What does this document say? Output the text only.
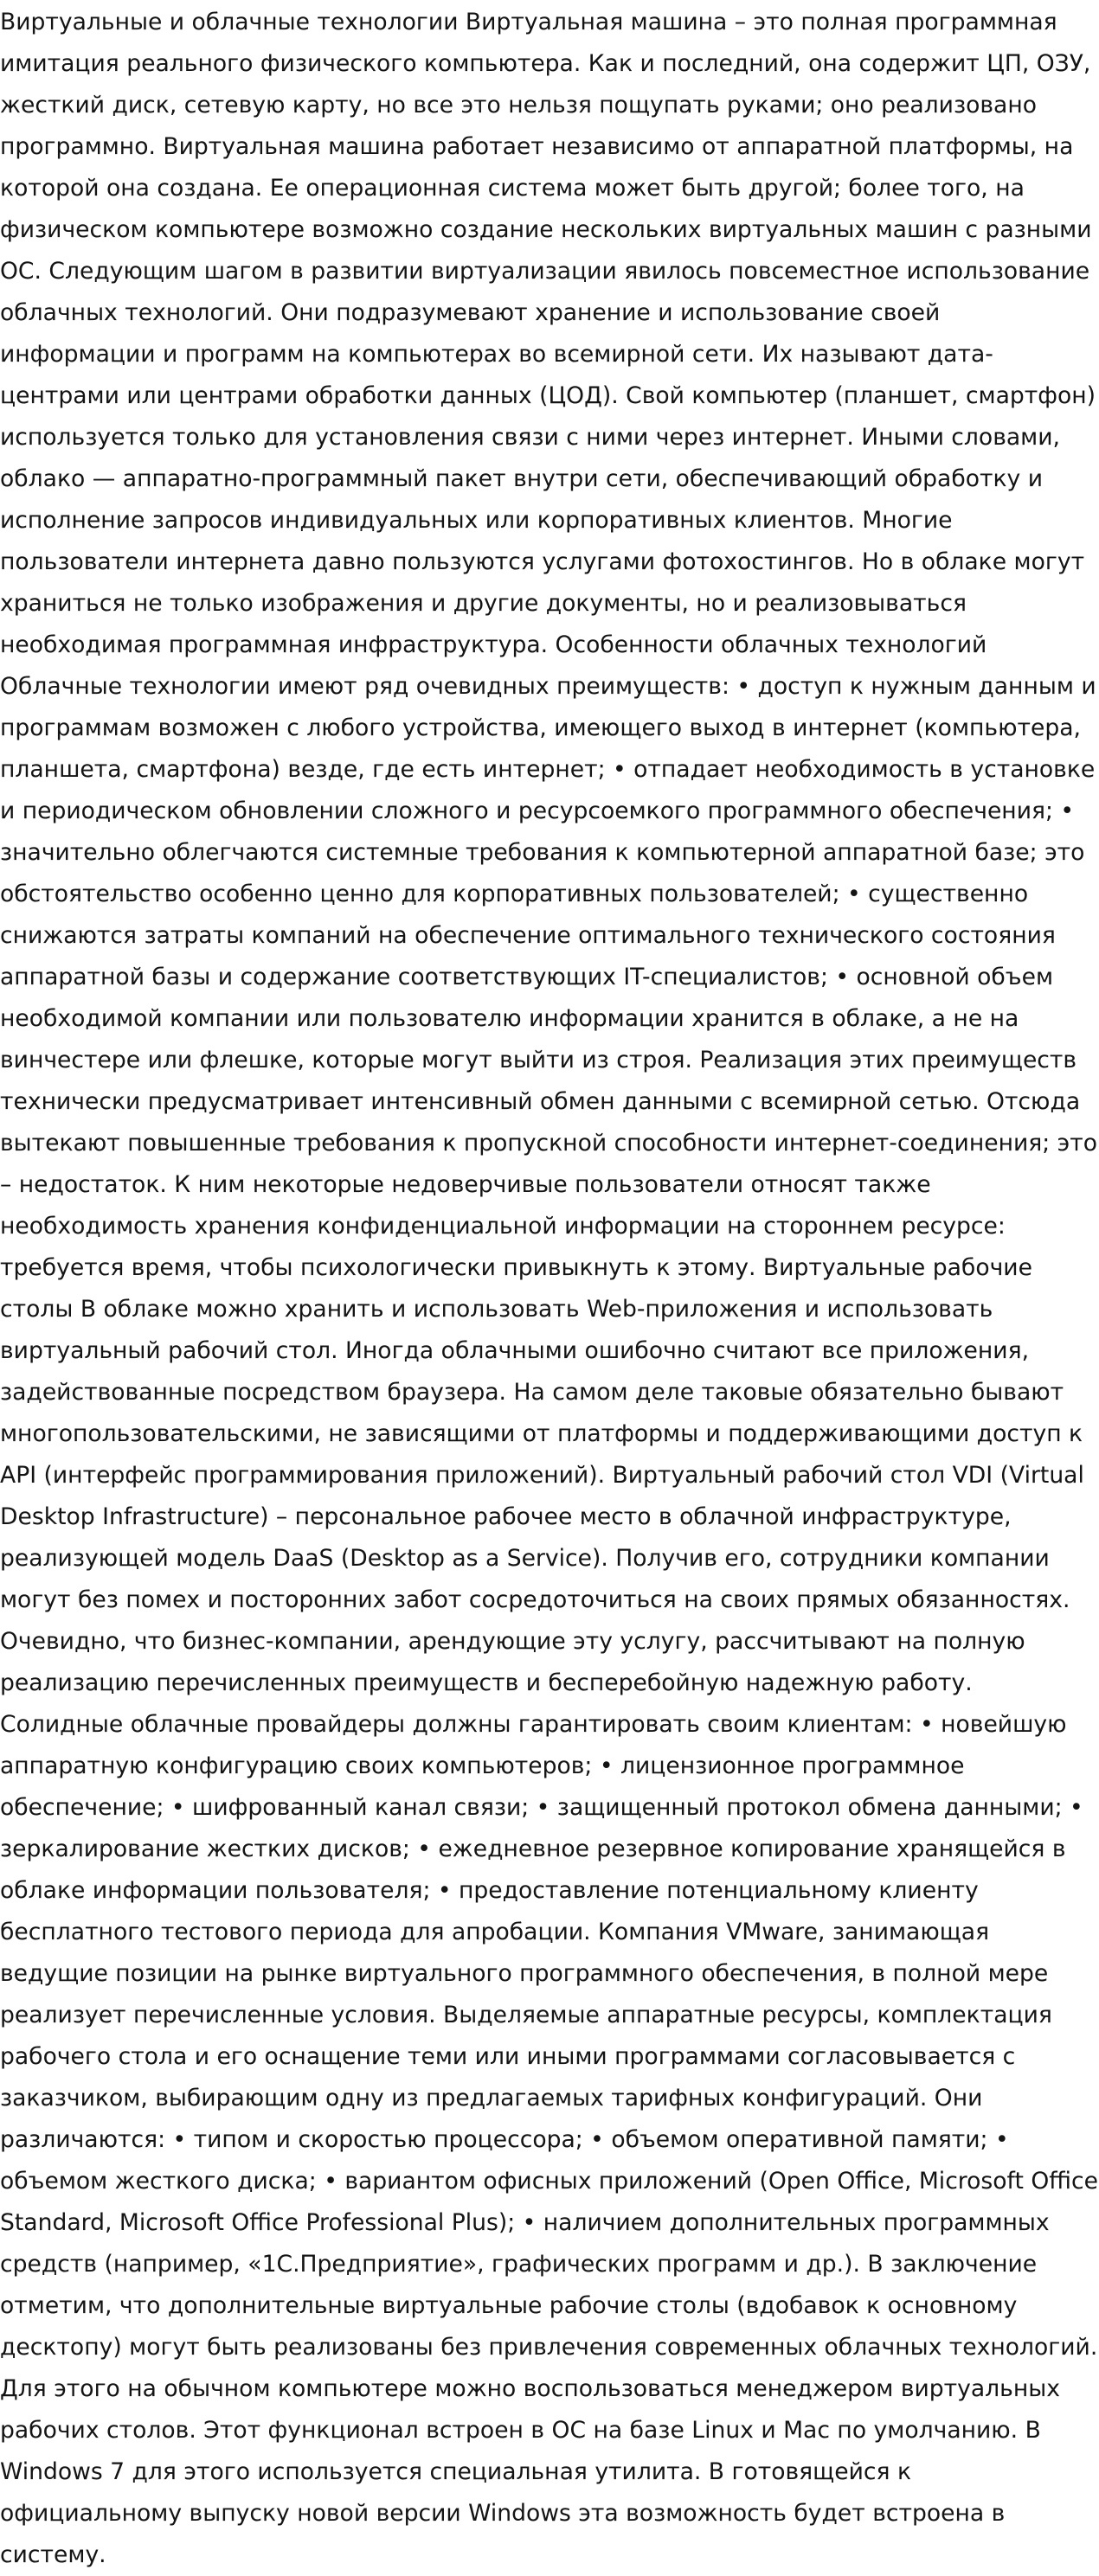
Виртуальные и облачные технологии Виртуальная машина – это полная программная имитация реального физического компьютера. Как и последний, она содержит ЦП, ОЗУ, жесткий диск, сетевую карту, но все это нельзя пощупать руками; оно реализовано программно. Виртуальная машина работает независимо от аппаратной платформы, на которой она создана. Ее операционная система может быть другой; более того, на физическом компьютере возможно создание нескольких виртуальных машин с разными ОС. Следующим шагом в развитии виртуализации явилось повсеместное использование облачных технологий. Они подразумевают хранение и использование своей информации и программ на компьютерах во всемирной сети. Их называют дата-центрами или центрами обработки данных (ЦОД). Свой компьютер (планшет, смартфон) используется только для установления связи с ними через интернет. Иными словами, облако — аппаратно-программный пакет внутри сети, обеспечивающий обработку и исполнение запросов индивидуальных или корпоративных клиентов. Многие пользователи интернета давно пользуются услугами фотохостингов. Но в облаке могут храниться не только изображения и другие документы, но и реализовываться необходимая программная инфраструктура. Особенности облачных технологий Облачные технологии имеют ряд очевидных преимуществ: • доступ к нужным данным и программам возможен с любого устройства, имеющего выход в интернет (компьютера, планшета, смартфона) везде, где есть интернет; • отпадает необходимость в установке и периодическом обновлении сложного и ресурсоемкого программного обеспечения; • значительно облегчаются системные требования к компьютерной аппаратной базе; это обстоятельство особенно ценно для корпоративных пользователей; • существенно снижаются затраты компаний на обеспечение оптимального технического состояния аппаратной базы и содержание соответствующих IT-специалистов; • основной объем необходимой компании или пользователю информации хранится в облаке, а не на винчестере или флешке, которые могут выйти из строя. Реализация этих преимуществ технически предусматривает интенсивный обмен данными с всемирной сетью. Отсюда вытекают повышенные требования к пропускной способности интернет-соединения; это – недостаток. К ним некоторые недоверчивые пользователи относят также необходимость хранения конфиденциальной информации на стороннем ресурсе: требуется время, чтобы психологически привыкнуть к этому. Виртуальные рабочие столы В облаке можно хранить и использовать Web-приложения и использовать виртуальный рабочий стол. Иногда облачными ошибочно считают все приложения, задействованные посредством браузера. На самом деле таковые обязательно бывают многопользовательскими, не зависящими от платформы и поддерживающими доступ к API (интерфейс программирования приложений). Виртуальный рабочий стол VDI (Virtual Desktop Infrastructure) – персональное рабочее место в облачной инфраструктуре, реализующей модель DaaS (Desktop as a Service). Получив его, сотрудники компании могут без помех и посторонних забот сосредоточиться на своих прямых обязанностях. Очевидно, что бизнес-компании, арендующие эту услугу, рассчитывают на полную реализацию перечисленных преимуществ и бесперебойную надежную работу. Солидные облачные провайдеры должны гарантировать своим клиентам: • новейшую аппаратную конфигурацию своих компьютеров; • лицензионное программное обеспечение; • шифрованный канал связи; • защищенный протокол обмена данными; • зеркалирование жестких дисков; • ежедневное резервное копирование хранящейся в облаке информации пользователя; • предоставление потенциальному клиенту бесплатного тестового периода для апробации. Компания VMware, занимающая ведущие позиции на рынке виртуального программного обеспечения, в полной мере реализует перечисленные условия. Выделяемые аппаратные ресурсы, комплектация рабочего стола и его оснащение теми или иными программами согласовывается с заказчиком, выбирающим одну из предлагаемых тарифных конфигураций. Они различаются: • типом и скоростью процессора; • объемом оперативной памяти; • объемом жесткого диска; • вариантом офисных приложений (Open Office, Microsoft Office Standard, Microsoft Office Professional Plus); • наличием дополнительных программных средств (например, «1С.Предприятие», графических программ и др.). В заключение отметим, что дополнительные виртуальные рабочие столы (вдобавок к основному десктопу) могут быть реализованы без привлечения современных облачных технологий. Для этого на обычном компьютере можно воспользоваться менеджером виртуальных рабочих столов. Этот функционал встроен в ОС на базе Linux и Mac по умолчанию. В Windows 7 для этого используется специальная утилита. В готовящейся к официальному выпуску новой версии Windows эта возможность будет встроена в систему.
